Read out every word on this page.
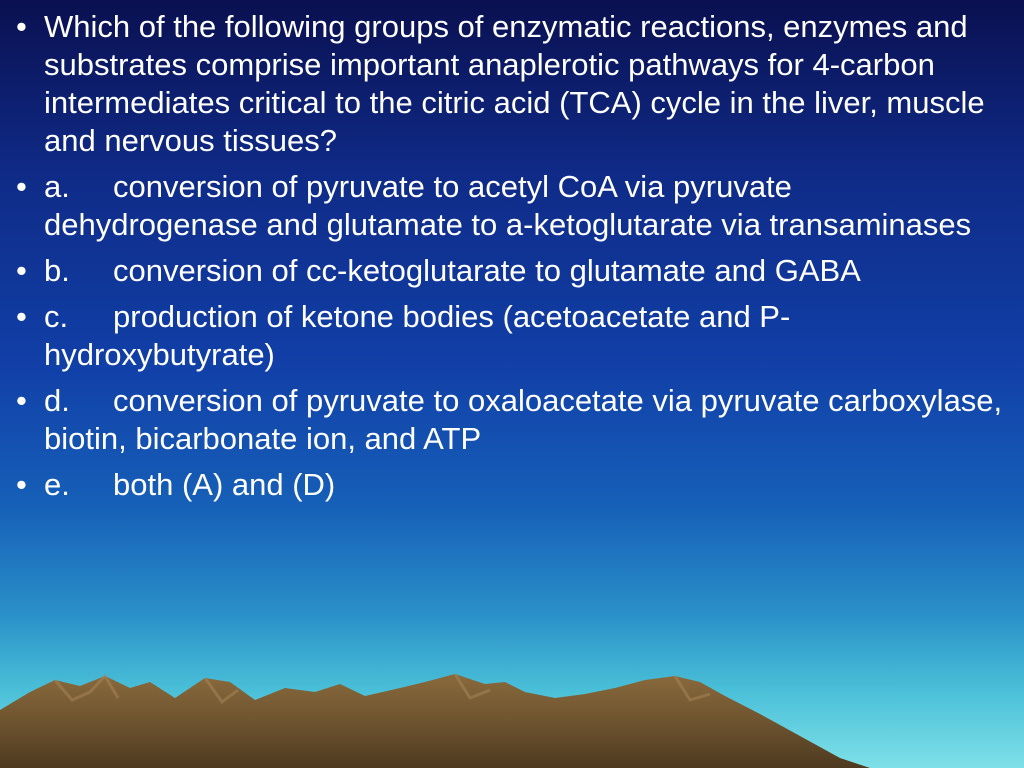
• Which of the following groups of enzymatic reactions, enzymes and substrates comprise important anaplerotic pathways for 4-carbon intermediates critical to the citric acid (TCA) cycle in the liver, muscle and nervous tissues?
• a. conversion of pyruvate to acetyl CoA via pyruvate dehydrogenase and glutamate to a-ketoglutarate via transaminases
• b. conversion of cc-ketoglutarate to glutamate and GABA
• c. production of ketone bodies (acetoacetate and P-hydroxybutyrate)
• d. conversion of pyruvate to oxaloacetate via pyruvate carboxylase, biotin, bicarbonate ion, and ATP
• e. both (A) and (D)
